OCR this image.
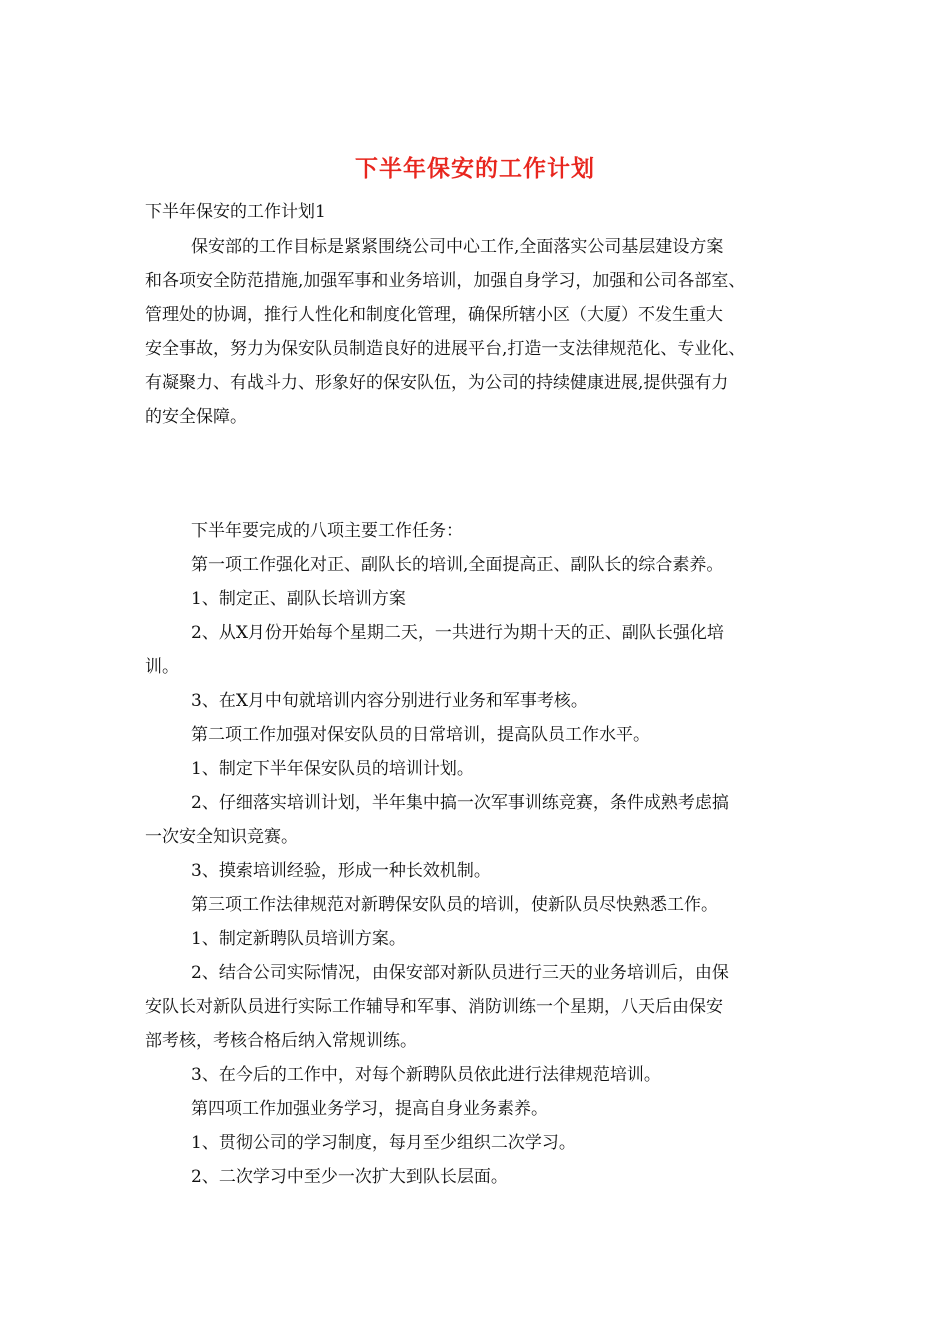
下半年保安的工作计划

下半年保安的工作计划1

保安部的工作目标是紧紧围绕公司中心工作,全面落实公司基层建设方案
和各项安全防范措施,加强军事和业务培训，加强自身学习，加强和公司各部室、
管理处的协调，推行人性化和制度化管理，确保所辖小区（大厦）不发生重大
安全事故，努力为保安队员制造良好的进展平台,打造一支法律规范化、专业化、
有凝聚力、有战斗力、形象好的保安队伍，为公司的持续健康进展,提供强有力
的安全保障。
下半年要完成的八项主要工作任务：
第一项工作强化对正、副队长的培训,全面提高正、副队长的综合素养。
1、制定正、副队长培训方案
2、从X月份开始每个星期二天，一共进行为期十天的正、副队长强化培
训。
3、在X月中旬就培训内容分别进行业务和军事考核。
第二项工作加强对保安队员的日常培训，提高队员工作水平。
1、制定下半年保安队员的培训计划。
2、仔细落实培训计划，半年集中搞一次军事训练竞赛，条件成熟考虑搞
一次安全知识竞赛。
3、摸索培训经验，形成一种长效机制。
第三项工作法律规范对新聘保安队员的培训，使新队员尽快熟悉工作。
1、制定新聘队员培训方案。
2、结合公司实际情况，由保安部对新队员进行三天的业务培训后，由保
安队长对新队员进行实际工作辅导和军事、消防训练一个星期，八天后由保安
部考核，考核合格后纳入常规训练。
3、在今后的工作中，对每个新聘队员依此进行法律规范培训。
第四项工作加强业务学习，提高自身业务素养。
1、贯彻公司的学习制度，每月至少组织二次学习。
2、二次学习中至少一次扩大到队长层面。
